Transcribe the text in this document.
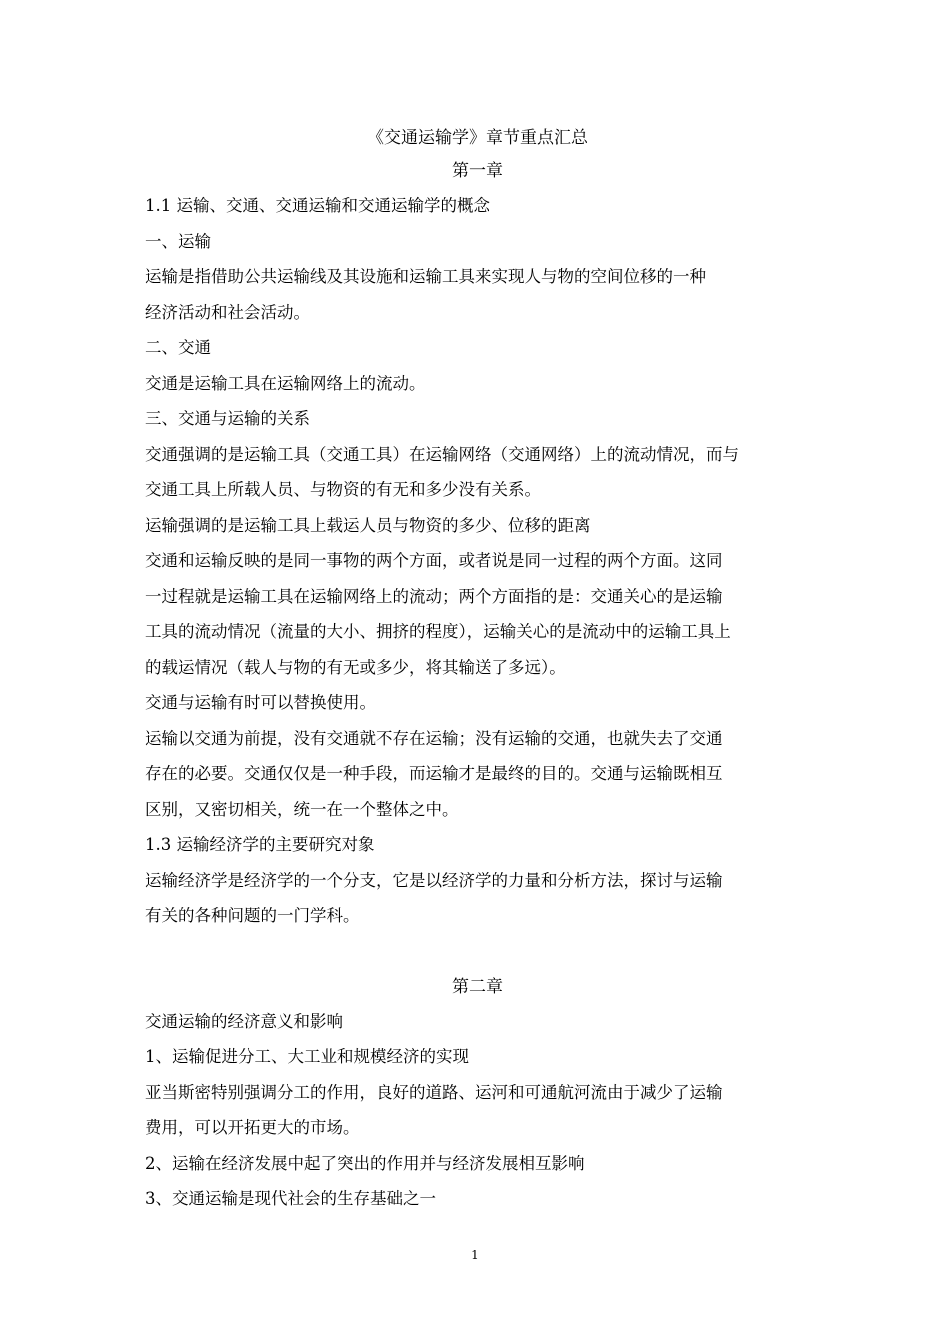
《交通运输学》章节重点汇总
第一章
1.1 运输、交通、交通运输和交通运输学的概念
一、运输
运输是指借助公共运输线及其设施和运输工具来实现人与物的空间位移的一种
经济活动和社会活动。
二、交通
交通是运输工具在运输网络上的流动。
三、交通与运输的关系
交通强调的是运输工具（交通工具）在运输网络（交通网络）上的流动情况，而与
交通工具上所载人员、与物资的有无和多少没有关系。
运输强调的是运输工具上载运人员与物资的多少、位移的距离
交通和运输反映的是同一事物的两个方面，或者说是同一过程的两个方面。这同
一过程就是运输工具在运输网络上的流动；两个方面指的是：交通关心的是运输
工具的流动情况（流量的大小、拥挤的程度），运输关心的是流动中的运输工具上
的载运情况（载人与物的有无或多少，将其输送了多远）。
交通与运输有时可以替换使用。
运输以交通为前提，没有交通就不存在运输；没有运输的交通，也就失去了交通
存在的必要。交通仅仅是一种手段，而运输才是最终的目的。交通与运输既相互
区别，又密切相关，统一在一个整体之中。
1.3 运输经济学的主要研究对象
运输经济学是经济学的一个分支，它是以经济学的力量和分析方法，探讨与运输
有关的各种问题的一门学科。
第二章
交通运输的经济意义和影响
1、运输促进分工、大工业和规模经济的实现
亚当斯密特别强调分工的作用，良好的道路、运河和可通航河流由于减少了运输
费用，可以开拓更大的市场。
2、运输在经济发展中起了突出的作用并与经济发展相互影响
3、交通运输是现代社会的生存基础之一
1
